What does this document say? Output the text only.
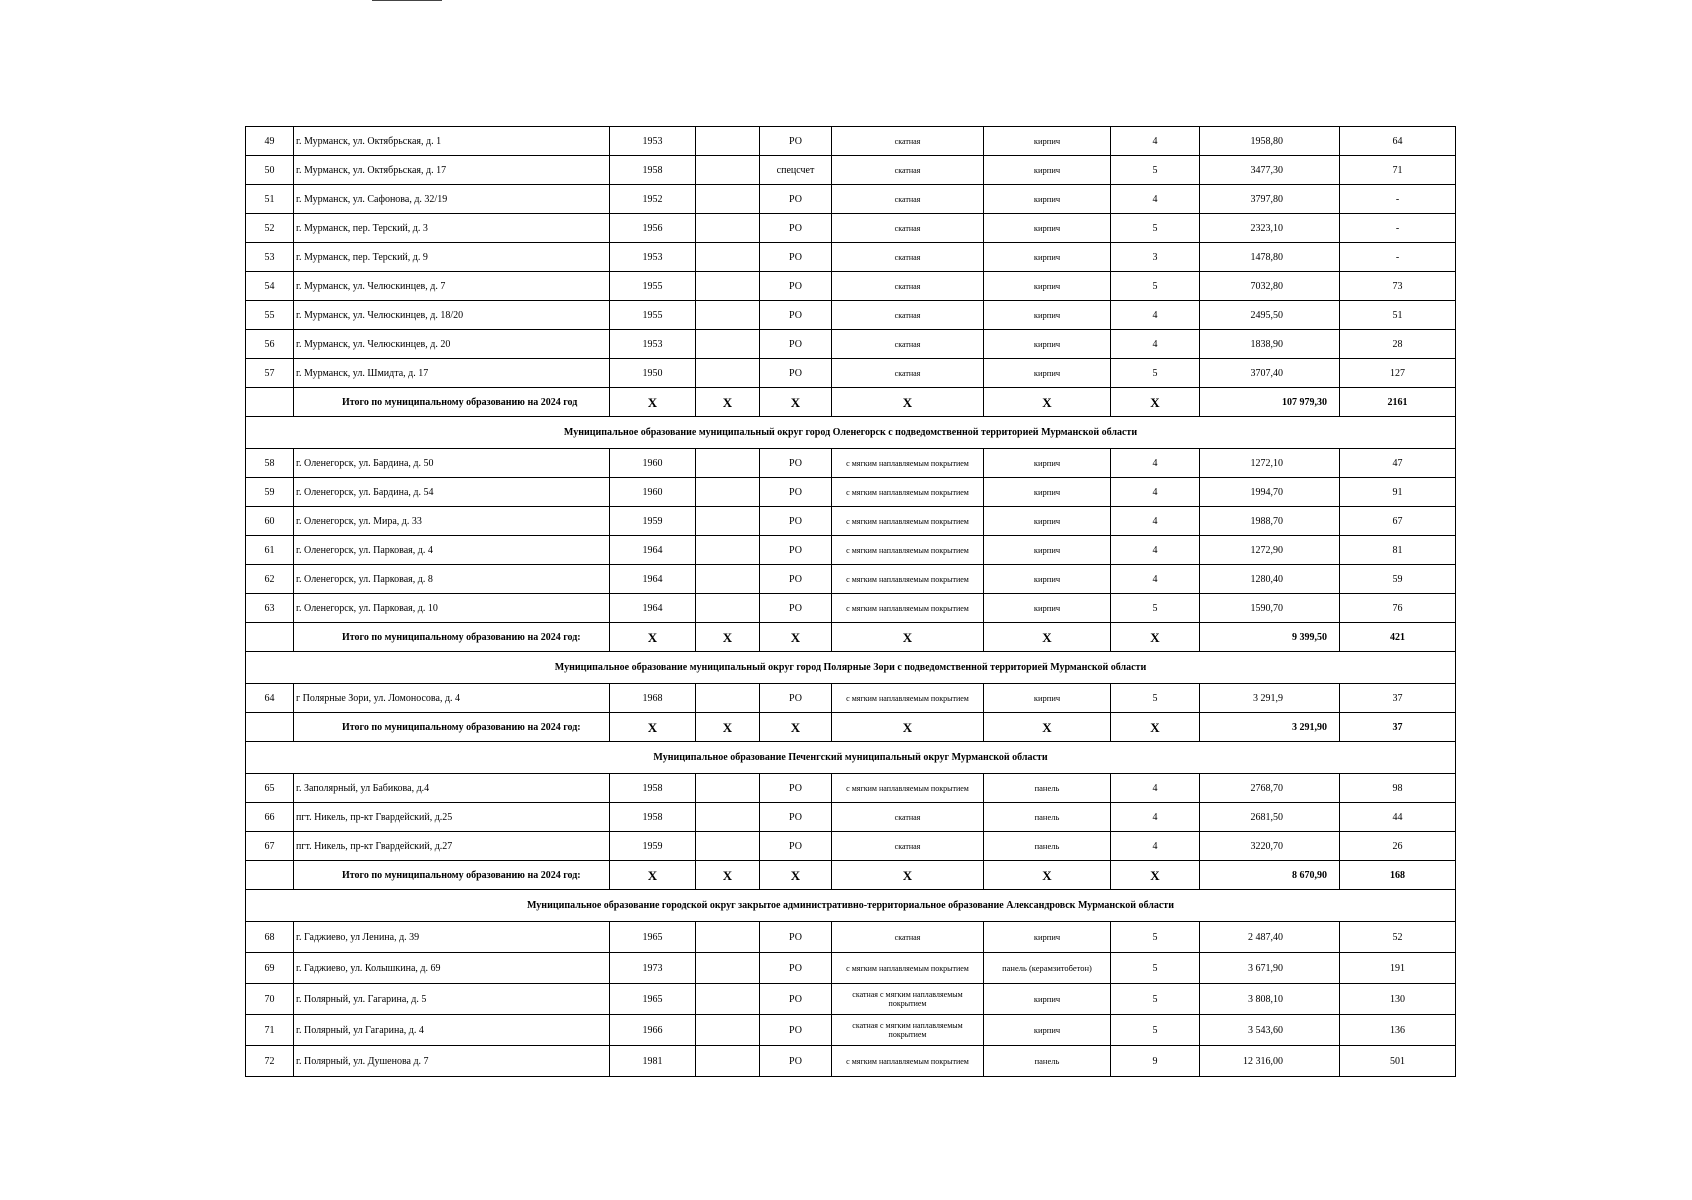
49	г. Мурманск, ул. Октябрьская, д. 1	1953		РО	скатная	кирпич	4	1958,80	64
50	г. Мурманск, ул. Октябрьская, д. 17	1958		спецсчет	скатная	кирпич	5	3477,30	71
51	г. Мурманск, ул. Сафонова, д. 32/19	1952		РО	скатная	кирпич	4	3797,80	-
52	г. Мурманск, пер. Терский, д. 3	1956		РО	скатная	кирпич	5	2323,10	-
53	г. Мурманск, пер. Терский, д. 9	1953		РО	скатная	кирпич	3	1478,80	-
54	г. Мурманск, ул. Челюскинцев, д. 7	1955		РО	скатная	кирпич	5	7032,80	73
55	г. Мурманск, ул. Челюскинцев, д. 18/20	1955		РО	скатная	кирпич	4	2495,50	51
56	г. Мурманск, ул. Челюскинцев, д. 20	1953		РО	скатная	кирпич	4	1838,90	28
57	г. Мурманск, ул. Шмидта, д. 17	1950		РО	скатная	кирпич	5	3707,40	127
	Итого по муниципальному образованию на 2024 год	X	X	X	X	X	X	107 979,30	2161
Муниципальное образование муниципальный округ город Оленегорск с подведомственной территорией Мурманской области									
58	г. Оленегорск, ул. Бардина, д. 50	1960		РО	с мягким наплавляемым покрытием	кирпич	4	1272,10	47
59	г. Оленегорск, ул. Бардина, д. 54	1960		РО	с мягким наплавляемым покрытием	кирпич	4	1994,70	91
60	г. Оленегорск, ул. Мира, д. 33	1959		РО	с мягким наплавляемым покрытием	кирпич	4	1988,70	67
61	г. Оленегорск, ул. Парковая, д. 4	1964		РО	с мягким наплавляемым покрытием	кирпич	4	1272,90	81
62	г. Оленегорск, ул. Парковая, д. 8	1964		РО	с мягким наплавляемым покрытием	кирпич	4	1280,40	59
63	г. Оленегорск, ул. Парковая, д. 10	1964		РО	с мягким наплавляемым покрытием	кирпич	5	1590,70	76
	Итого по муниципальному образованию на 2024 год:	X	X	X	X	X	X	9 399,50	421
Муниципальное образование муниципальный округ город Полярные Зори с подведомственной территорией Мурманской области									
64	г Полярные Зори, ул. Ломоносова, д. 4	1968		РО	с мягким наплавляемым покрытием	кирпич	5	3 291,9	37
	Итого по муниципальному образованию на 2024 год:	X	X	X	X	X	X	3 291,90	37
Муниципальное образование Печенгский муниципальный округ Мурманской области									
65	г. Заполярный, ул Бабикова, д.4	1958		РО	с мягким наплавляемым покрытием	панель	4	2768,70	98
66	пгт. Никель, пр-кт Гвардейский, д.25	1958		РО	скатная	панель	4	2681,50	44
67	пгт. Никель, пр-кт Гвардейский, д.27	1959		РО	скатная	панель	4	3220,70	26
	Итого по муниципальному образованию на 2024 год:	X	X	X	X	X	X	8 670,90	168
Муниципальное образование городской округ закрытое административно-территориальное образование Александровск Мурманской области									
68	г. Гаджиево, ул Ленина, д. 39	1965		РО	скатная	кирпич	5	2 487,40	52
69	г. Гаджиево, ул. Колышкина, д. 69	1973		РО	с мягким наплавляемым покрытием	панель (керамзитобетон)	5	3 671,90	191
70	г. Полярный, ул. Гагарина, д. 5	1965		РО	скатная с мягким наплавляемым покрытием	кирпич	5	3 808,10	130
71	г. Полярный, ул Гагарина, д. 4	1966		РО	скатная с мягким наплавляемым покрытием	кирпич	5	3 543,60	136
72	г. Полярный, ул. Душенова д. 7	1981		РО	с мягким наплавляемым покрытием	панель	9	12 316,00	501
